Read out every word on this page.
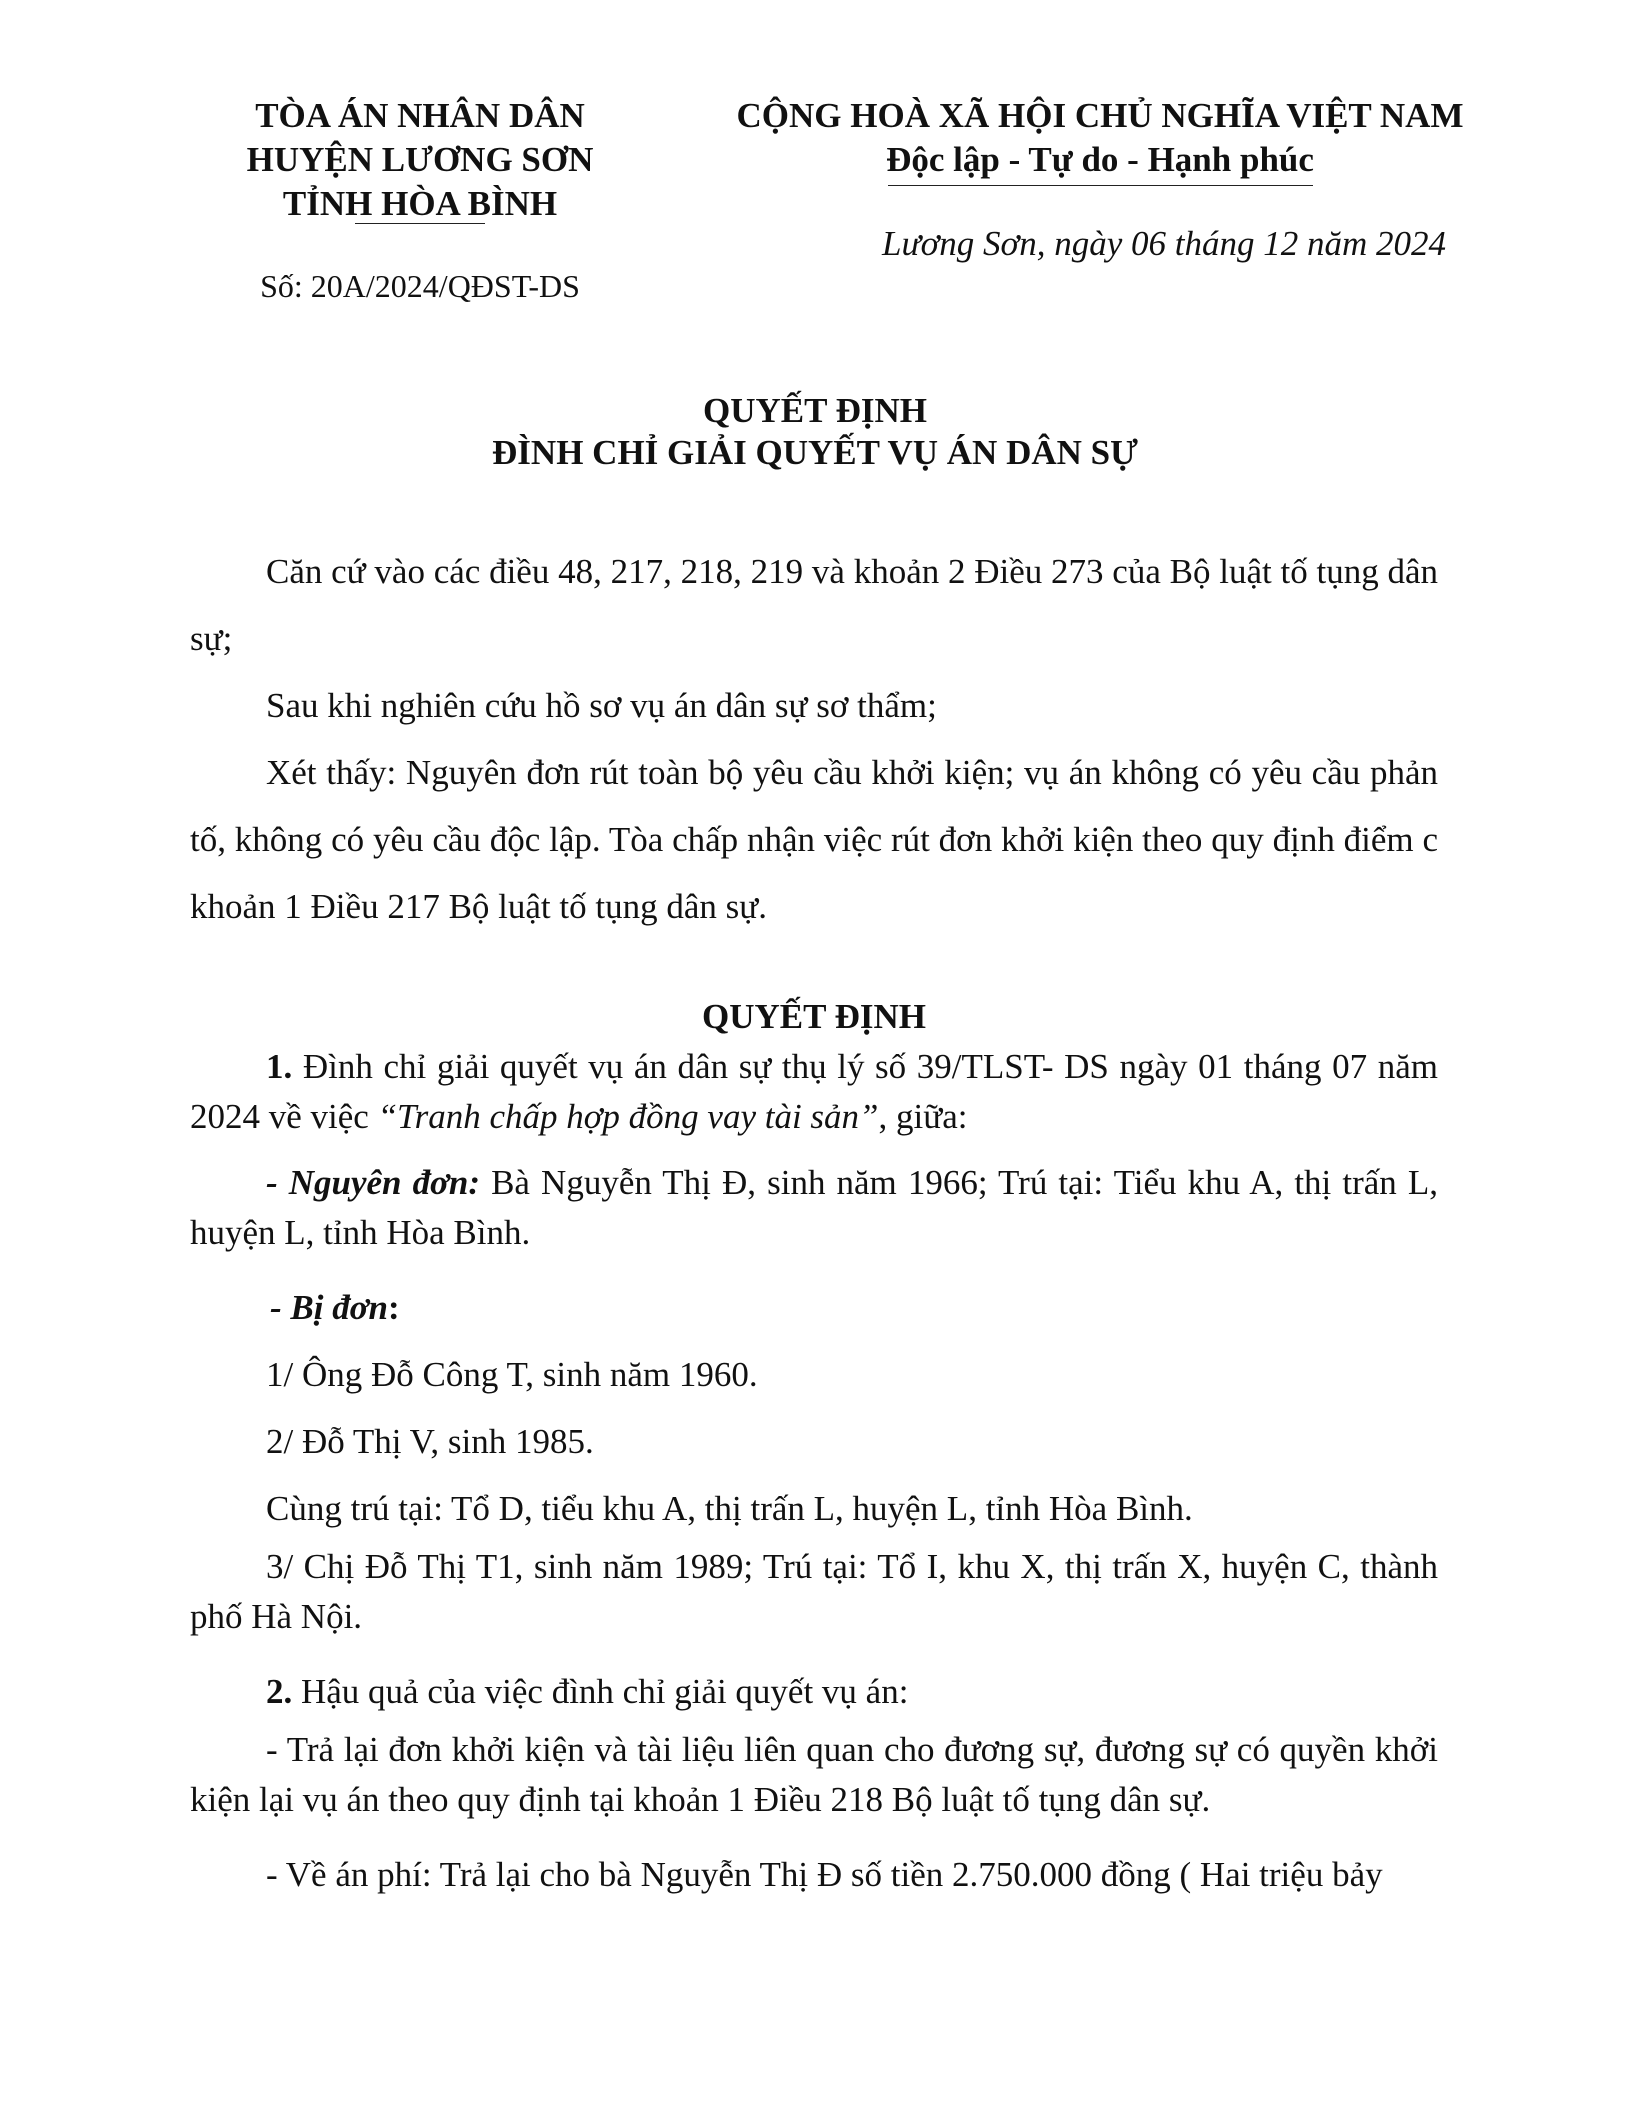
TÒA ÁN NHÂN DÂN
HUYỆN LƯƠNG SƠN
TỈNH HÒA BÌNH
Số: 20A/2024/QĐST-DS
CỘNG HOÀ XÃ HỘI CHỦ NGHĨA VIỆT NAM
Độc lập - Tự do - Hạnh phúc
Lương Sơn, ngày 06 tháng 12 năm 2024
QUYẾT ĐỊNH
ĐÌNH CHỈ GIẢI QUYẾT VỤ ÁN DÂN SỰ

Căn cứ vào các điều 48, 217, 218, 219 và khoản 2 Điều 273 của Bộ luật tố tụng dân sự;

Sau khi nghiên cứu hồ sơ vụ án dân sự sơ thẩm;

Xét thấy: Nguyên đơn rút toàn bộ yêu cầu khởi kiện; vụ án không có yêu cầu phản tố, không có yêu cầu độc lập. Tòa chấp nhận việc rút đơn khởi kiện theo quy định điểm c khoản 1 Điều 217 Bộ luật tố tụng dân sự.

QUYẾT ĐỊNH

1. Đình chỉ giải quyết vụ án dân sự thụ lý số 39/TLST- DS ngày 01 tháng 07 năm 2024 về việc “Tranh chấp hợp đồng vay tài sản”, giữa:

- Nguyên đơn: Bà Nguyễn Thị Đ, sinh năm 1966; Trú tại: Tiểu khu A, thị trấn L, huyện L, tỉnh Hòa Bình.

- Bị đơn:

1/ Ông Đỗ Công T, sinh năm 1960.

2/ Đỗ Thị V, sinh 1985.

Cùng trú tại: Tổ D, tiểu khu A, thị trấn L, huyện L, tỉnh Hòa Bình.

3/ Chị Đỗ Thị T1, sinh năm 1989; Trú tại: Tổ I, khu X, thị trấn X, huyện C, thành phố Hà Nội.

2. Hậu quả của việc đình chỉ giải quyết vụ án:

- Trả lại đơn khởi kiện và tài liệu liên quan cho đương sự, đương sự có quyền khởi kiện lại vụ án theo quy định tại khoản 1 Điều 218 Bộ luật tố tụng dân sự.

- Về án phí: Trả lại cho bà Nguyễn Thị Đ số tiền 2.750.000 đồng ( Hai triệu bảy
